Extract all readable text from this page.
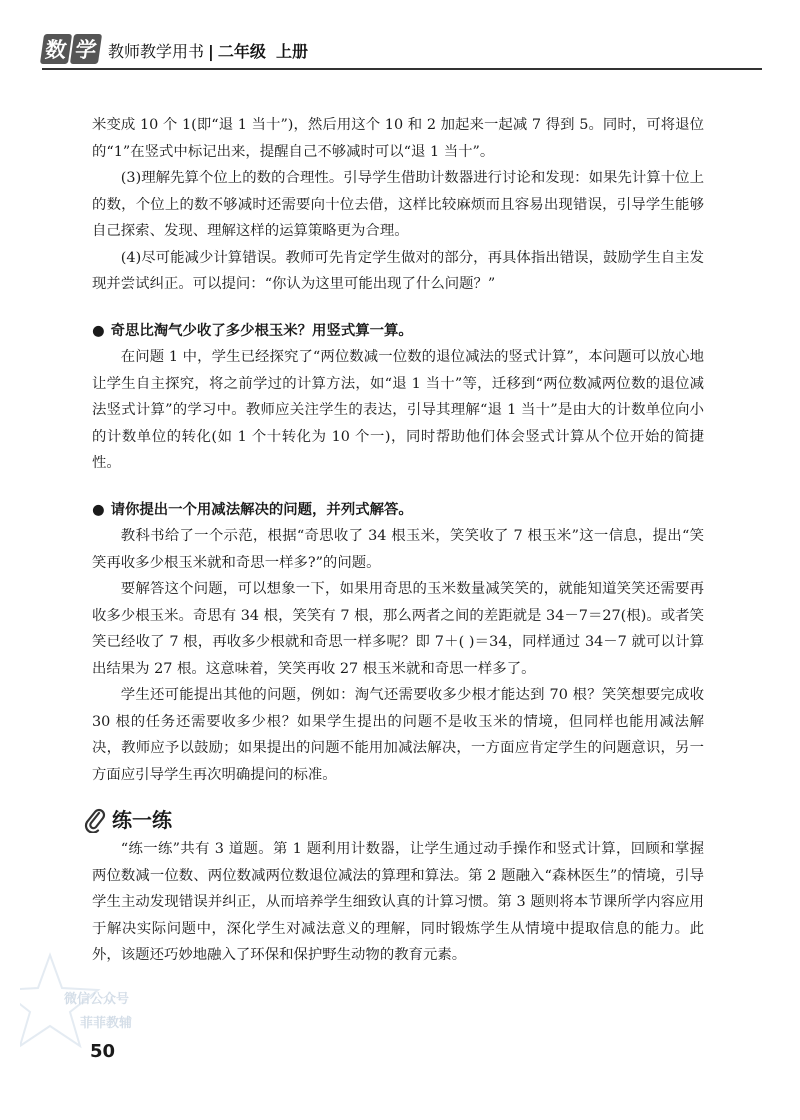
数 学 教师教学用书 | 二年级 上册

米变成 10 个 1(即“退 1 当十”)，然后用这个 10 和 2 加起来一起减 7 得到 5。同时，可将退位的“1”在竖式中标记出来，提醒自己不够减时可以“退 1 当十”。

(3)理解先算个位上的数的合理性。引导学生借助计数器进行讨论和发现：如果先计算十位上的数，个位上的数不够减时还需要向十位去借，这样比较麻烦而且容易出现错误，引导学生能够自己探索、发现、理解这样的运算策略更为合理。

(4)尽可能减少计算错误。教师可先肯定学生做对的部分，再具体指出错误，鼓励学生自主发现并尝试纠正。可以提问：“你认为这里可能出现了什么问题？”

● 奇思比淘气少收了多少根玉米？用竖式算一算。

在问题 1 中，学生已经探究了“两位数减一位数的退位减法的竖式计算”，本问题可以放心地让学生自主探究，将之前学过的计算方法，如“退 1 当十”等，迁移到“两位数减两位数的退位减法竖式计算”的学习中。教师应关注学生的表达，引导其理解“退 1 当十”是由大的计数单位向小的计数单位的转化(如 1 个十转化为 10 个一)，同时帮助他们体会竖式计算从个位开始的简捷性。

● 请你提出一个用减法解决的问题，并列式解答。

教科书给了一个示范，根据“奇思收了 34 根玉米，笑笑收了 7 根玉米”这一信息，提出“笑笑再收多少根玉米就和奇思一样多?”的问题。

要解答这个问题，可以想象一下，如果用奇思的玉米数量减笑笑的，就能知道笑笑还需要再收多少根玉米。奇思有 34 根，笑笑有 7 根，那么两者之间的差距就是 34－7＝27(根)。或者笑笑已经收了 7 根，再收多少根就和奇思一样多呢？即 7＋( )＝34，同样通过 34－7 就可以计算出结果为 27 根。这意味着，笑笑再收 27 根玉米就和奇思一样多了。

学生还可能提出其他的问题，例如：淘气还需要收多少根才能达到 70 根？笑笑想要完成收 30 根的任务还需要收多少根？如果学生提出的问题不是收玉米的情境，但同样也能用减法解决，教师应予以鼓励；如果提出的问题不能用加减法解决，一方面应肯定学生的问题意识，另一方面应引导学生再次明确提问的标准。

练一练

“练一练”共有 3 道题。第 1 题利用计数器，让学生通过动手操作和竖式计算，回顾和掌握两位数减一位数、两位数减两位数退位减法的算理和算法。第 2 题融入“森林医生”的情境，引导学生主动发现错误并纠正，从而培养学生细致认真的计算习惯。第 3 题则将本节课所学内容应用于解决实际问题中，深化学生对减法意义的理解，同时锻炼学生从情境中提取信息的能力。此外，该题还巧妙地融入了环保和保护野生动物的教育元素。

微信公众号
菲菲教辅
50
